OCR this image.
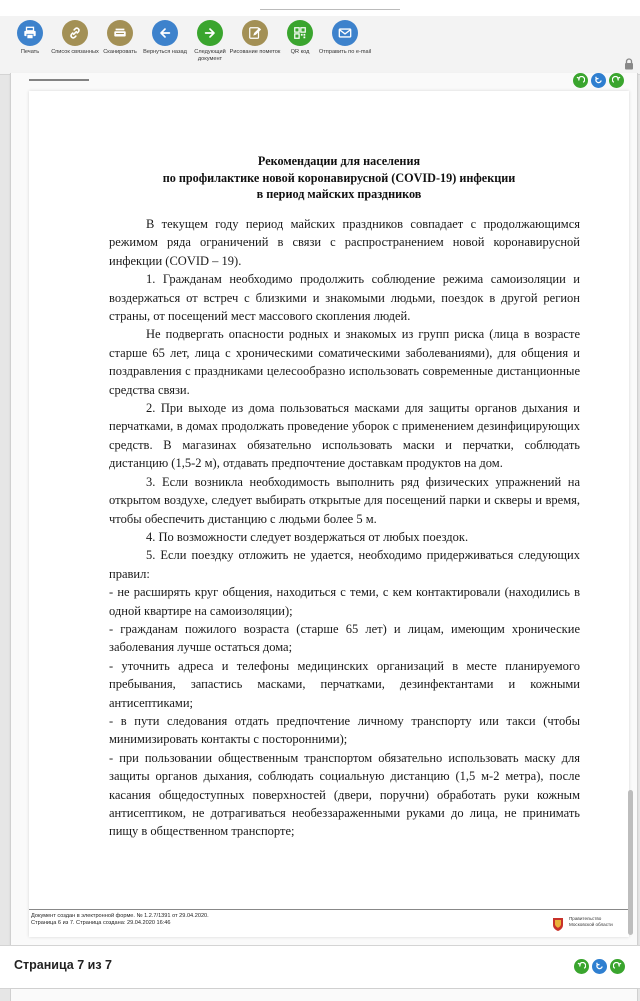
Печать	Список связанных Сканировать	Вернуться назад	Следующий документ
Рисование пометок	QR код	Отправить по e-mail
Рекомендации для населения
по профилактике новой коронавирусной (COVID-19) инфекции
в период майских праздников

В текущем году период майских праздников совпадает с продолжающимся режимом ряда ограничений в связи с распространением новой коронавирусной инфекции (COVID – 19).

1. Гражданам необходимо продолжить соблюдение режима самоизоляции и воздержаться от встреч с близкими и знакомыми людьми, поездок в другой регион страны, от посещений мест массового скопления людей.

Не подвергать опасности родных и знакомых из групп риска (лица в возрасте старше 65 лет, лица с хроническими соматическими заболеваниями), для общения и поздравления с праздниками целесообразно использовать современные дистанционные средства связи.

2. При выходе из дома пользоваться масками для защиты органов дыхания и перчатками, в домах продолжать проведение уборок с применением дезинфицирующих средств. В магазинах обязательно использовать маски и перчатки, соблюдать дистанцию (1,5-2 м), отдавать предпочтение доставкам продуктов на дом.

3. Если возникла необходимость выполнить ряд физических упражнений на открытом воздухе, следует выбирать открытые для посещений парки и скверы и время, чтобы обеспечить дистанцию с людьми более 5 м.

4. По возможности следует воздержаться от любых поездок.

5. Если поездку отложить не удается, необходимо придерживаться следующих правил:

- не расширять круг общения, находиться с теми, с кем контактировали (находились в одной квартире на самоизоляции);

- гражданам пожилого возраста (старше 65 лет) и лицам, имеющим хронические заболевания лучше остаться дома;

- уточнить адреса и телефоны медицинских организаций в месте планируемого пребывания, запастись масками, перчатками, дезинфектантами и кожными антисептиками;

- в пути следования отдать предпочтение личному транспорту или такси (чтобы минимизировать контакты с посторонними);

- при пользовании общественным транспортом обязательно использовать маску для защиты органов дыхания, соблюдать социальную дистанцию (1,5 м-2 метра), после касания общедоступных поверхностей (двери, поручни) обработать руки кожным антисептиком, не дотрагиваться необеззараженными руками до лица, не принимать пищу в общественном транспорте;

Документ создан в электронной форме. № 1.2.7/1391 от 29.04.2020.
Страница 6 из 7. Страница создана: 29.04.2020 16:46
Правительство
Московской области
Страница 7 из 7
